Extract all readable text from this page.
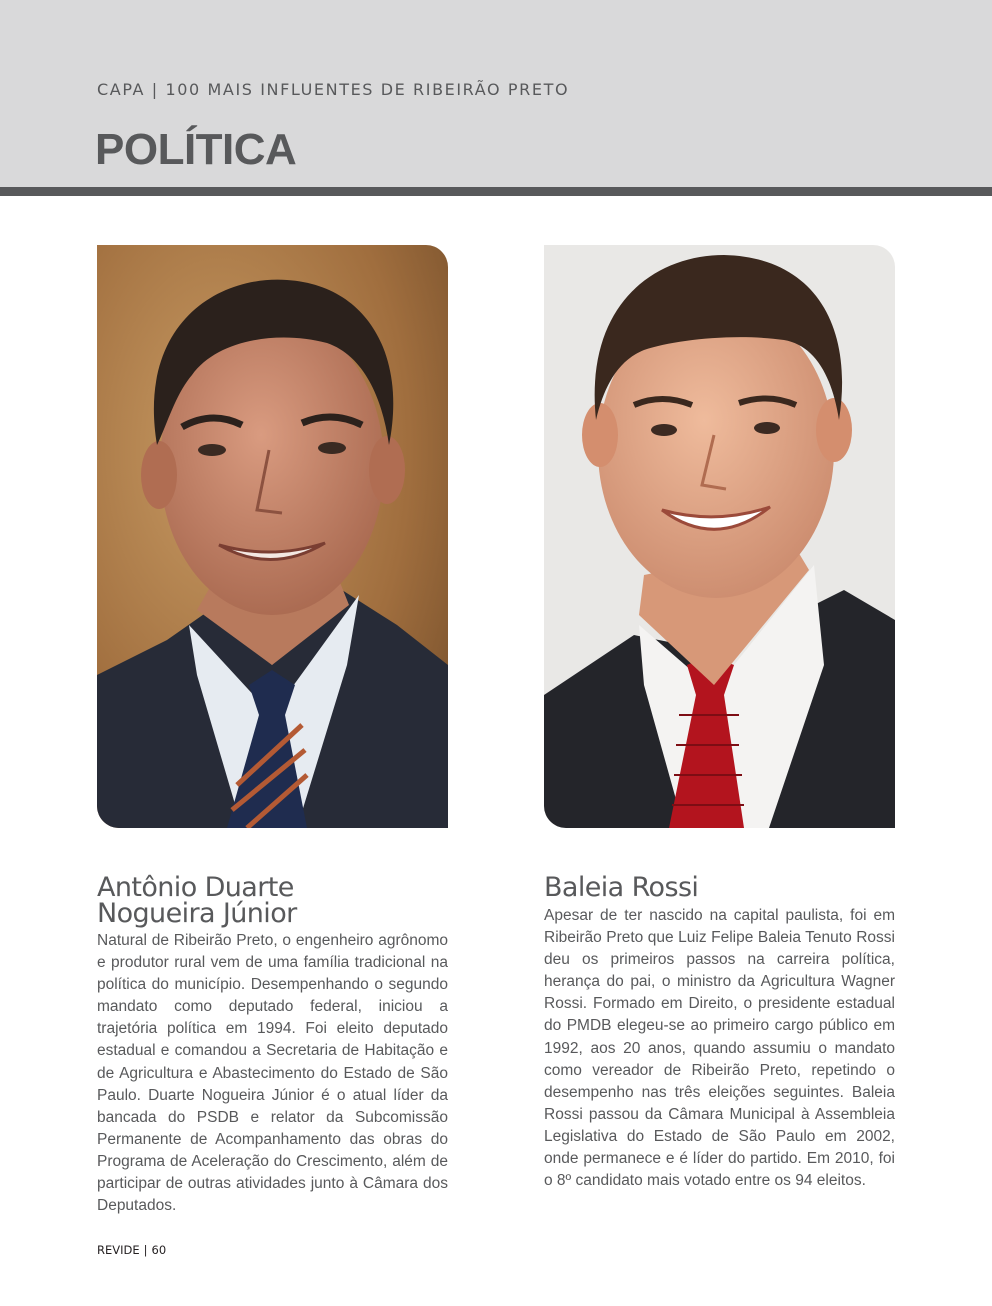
CAPA | 100 MAIS INFLUENTES DE RIBEIRÃO PRETO
POLÍTICA
Antônio Duarte
Nogueira Júnior

Natural de Ribeirão Preto, o engenheiro agrônomo e produtor rural vem de uma família tradicional na política do município. Desempenhando o segundo mandato como deputado federal, iniciou a trajetória política em 1994. Foi eleito deputado estadual e comandou a Secretaria de Habitação e de Agricultura e Abastecimento do Estado de São Paulo. Duarte Nogueira Júnior é o atual líder da bancada do PSDB e relator da Subcomissão Permanente de Acompanhamento das obras do Programa de Aceleração do Crescimento, além de participar de outras atividades junto à Câmara dos Deputados.

Baleia Rossi

Apesar de ter nascido na capital paulista, foi em Ribeirão Preto que Luiz Felipe Baleia Tenuto Rossi deu os primeiros passos na carreira política, herança do pai, o ministro da Agricultura Wagner Rossi. Formado em Direito, o presidente estadual do PMDB elegeu-se ao primeiro cargo público em 1992, aos 20 anos, quando assumiu o mandato como vereador de Ribeirão Preto, repetindo o desempenho nas três eleições seguintes. Baleia Rossi passou da Câmara Municipal à Assembleia Legislativa do Estado de São Paulo em 2002, onde permanece e é líder do partido. Em 2010, foi o 8º candidato mais votado entre os 94 eleitos.

REVIDE | 60
